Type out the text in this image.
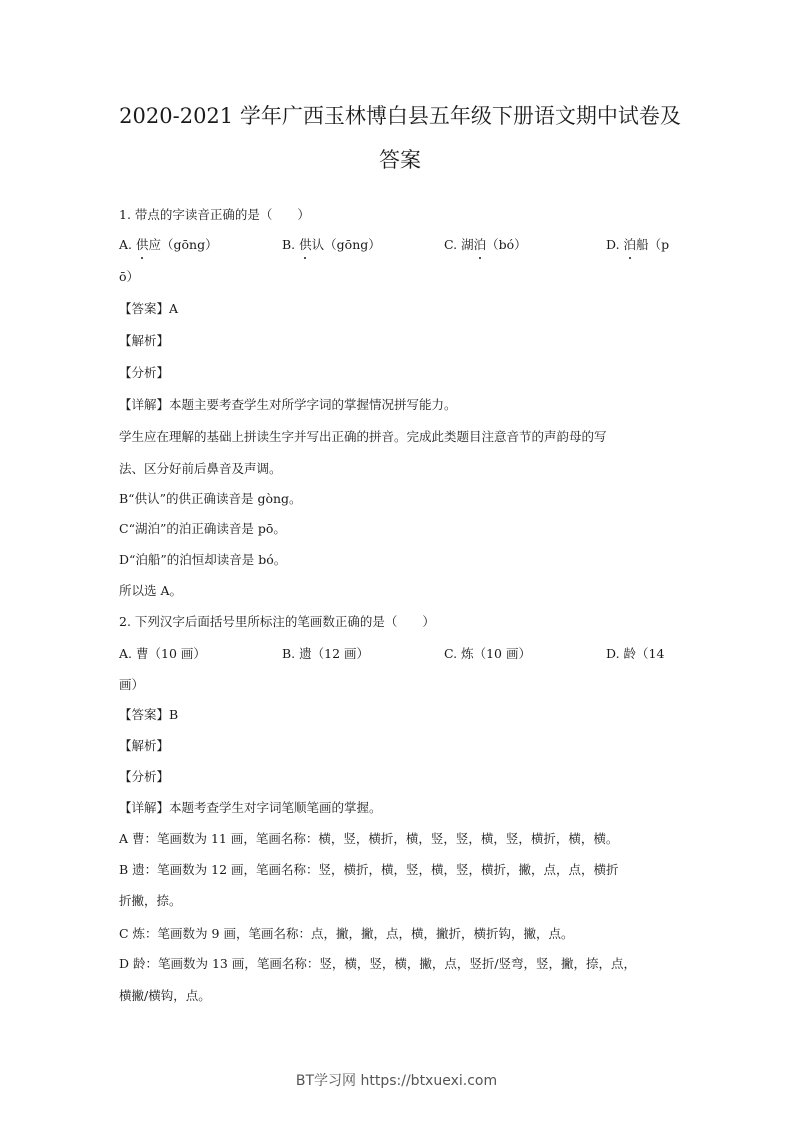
2020-2021 学年广西玉林博白县五年级下册语文期中试卷及
答案
1. 带点的字读音正确的是（　　）
A. 供应（gōng）	B. 供认（gōng）	C. 湖泊（bó）	D. 泊船（p
ō）
【答案】A
【解析】
【分析】
【详解】本题主要考查学生对所学字词的掌握情况拼写能力。
学生应在理解的基础上拼读生字并写出正确的拼音。完成此类题目注意音节的声韵母的写
法、区分好前后鼻音及声调。
B“供认”的供正确读音是 gòng。
C“湖泊”的泊正确读音是 pō。
D“泊船”的泊恒却读音是 bó。
所以选 A。
2. 下列汉字后面括号里所标注的笔画数正确的是（　　）
A. 曹（10 画）	B. 遗（12 画）	C. 炼（10 画）	D. 龄（14
画）
【答案】B
【解析】
【分析】
【详解】本题考查学生对字词笔顺笔画的掌握。
A 曹：笔画数为 11 画，笔画名称：横，竖，横折，横，竖，竖，横，竖，横折，横，横。
B 遗：笔画数为 12 画，笔画名称：竖，横折，横，竖，横，竖，横折，撇，点，点，横折
折撇，捺。
C 炼：笔画数为 9 画，笔画名称：点，撇，撇，点，横，撇折，横折钩，撇，点。
D 龄：笔画数为 13 画，笔画名称：竖，横，竖，横，撇，点，竖折/竖弯，竖，撇，捺，点，
横撇/横钩，点。
BT学习网 https://btxuexi.com
